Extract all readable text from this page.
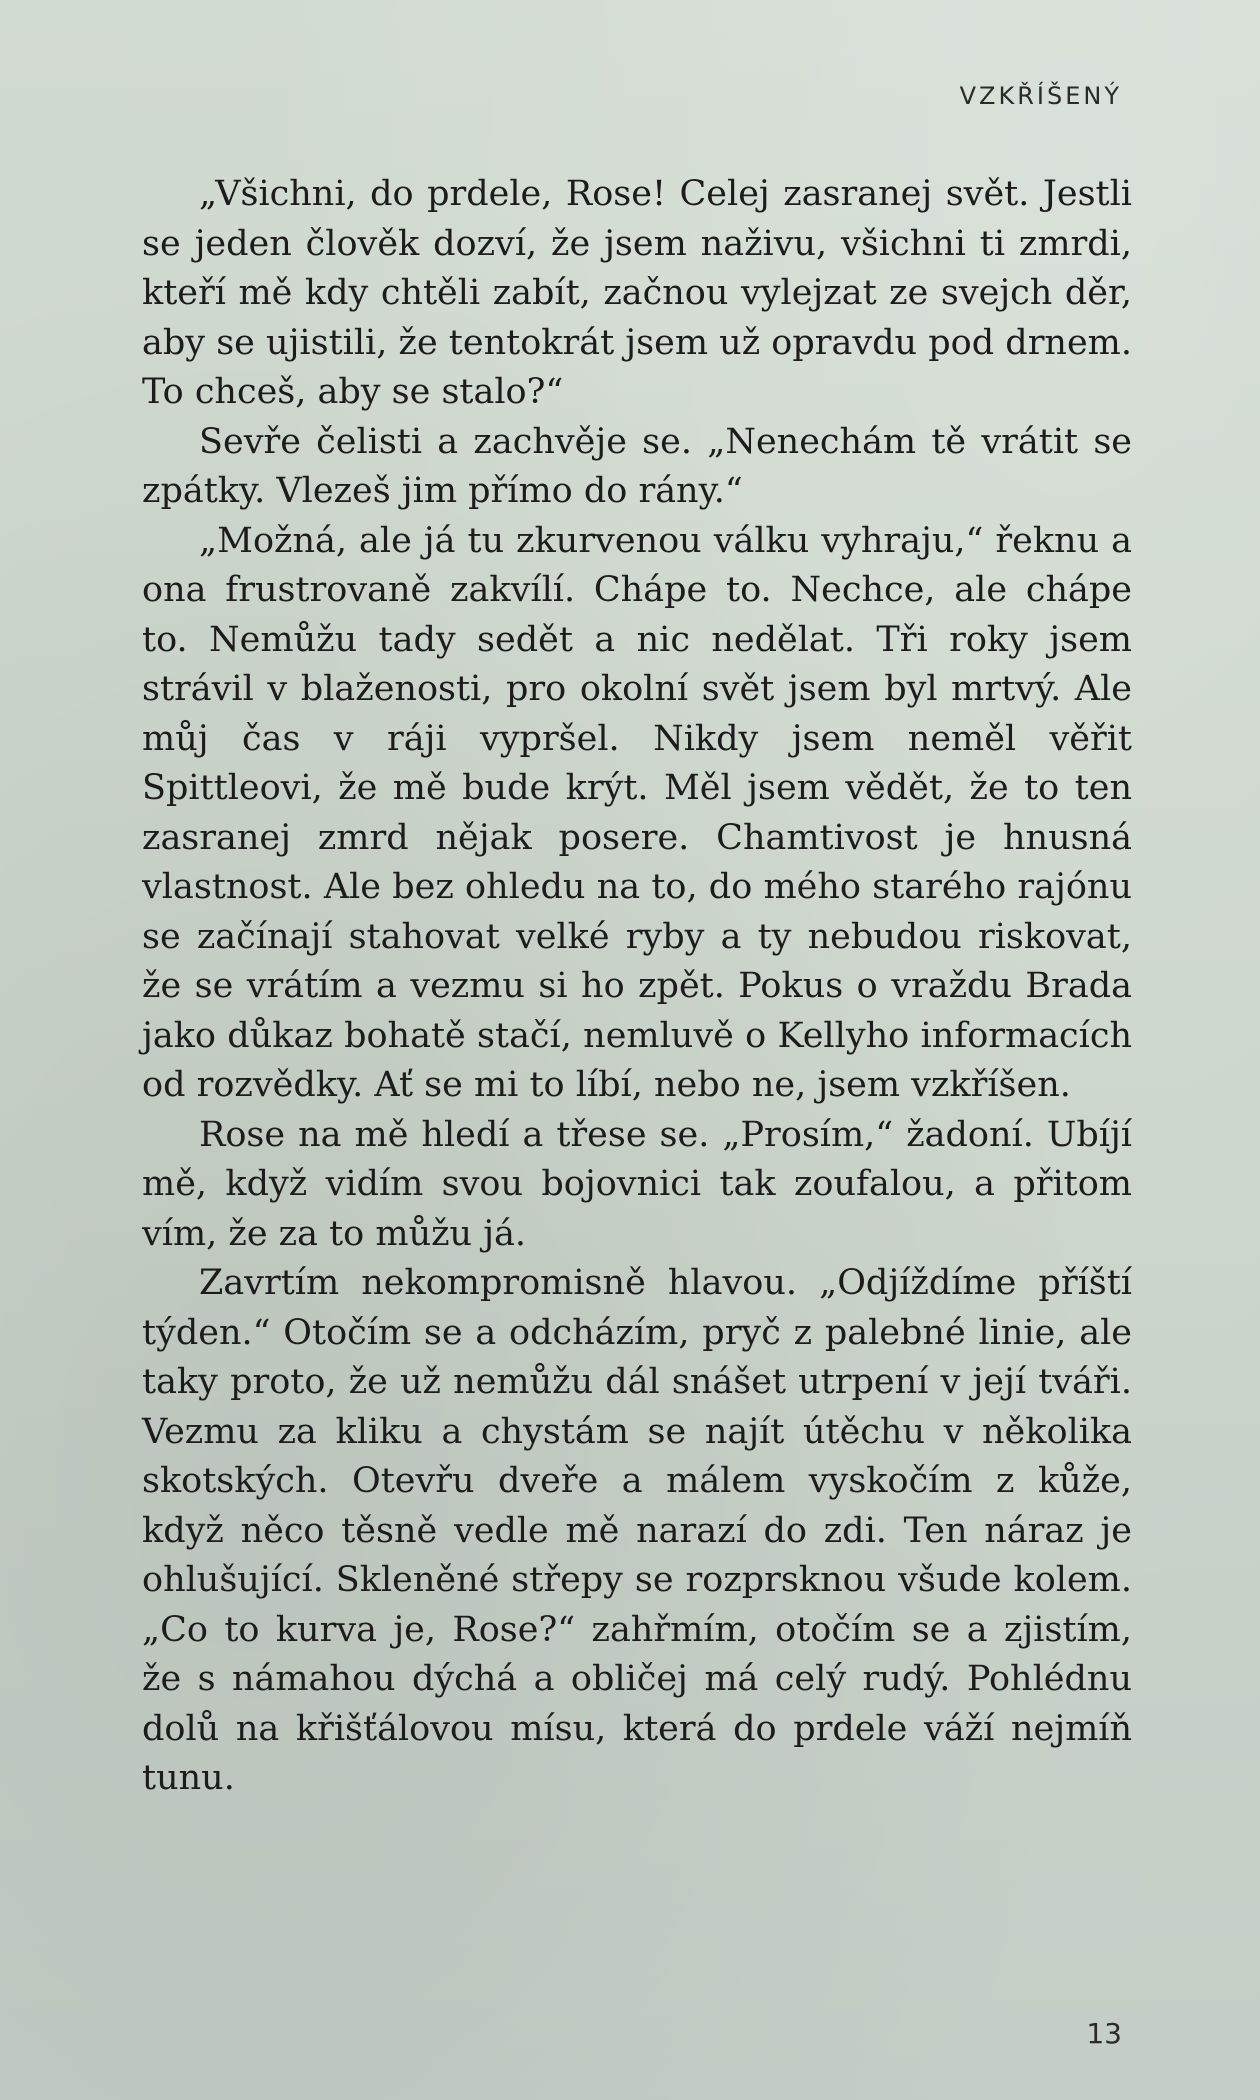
VZKŘÍŠENÝ

„Všichni, do prdele, Rose! Celej zasranej svět. Jestli se jeden člověk dozví, že jsem naživu, všichni ti zmrdi, kteří mě kdy chtěli zabít, začnou vylejzat ze svejch děr, aby se ujistili, že tentokrát jsem už opravdu pod drnem. To chceš, aby se stalo?“

Sevře čelisti a zachvěje se. „Nenechám tě vrátit se zpátky. Vlezeš jim přímo do rány.“

„Možná, ale já tu zkurvenou válku vyhraju,“ řeknu a ona frustrovaně zakvílí. Chápe to. Nechce, ale chápe to. Nemůžu tady sedět a nic nedělat. Tři roky jsem strávil v blaženosti, pro okolní svět jsem byl mrtvý. Ale můj čas v ráji vypršel. Nikdy jsem neměl věřit Spittleovi, že mě bude krýt. Měl jsem vědět, že to ten zasranej zmrd nějak posere. Chamtivost je hnusná vlastnost. Ale bez ohledu na to, do mého starého rajónu se začínají stahovat velké ryby a ty nebudou riskovat, že se vrátím a vezmu si ho zpět. Pokus o vraždu Brada jako důkaz bohatě stačí, nemluvě o Kellyho informacích od rozvědky. Ať se mi to líbí, nebo ne, jsem vzkříšen.

Rose na mě hledí a třese se. „Prosím,“ žadoní. Ubíjí mě, když vidím svou bojovnici tak zoufalou, a přitom vím, že za to můžu já.

Zavrtím nekompromisně hlavou. „Odjíždíme příští týden.“ Otočím se a odcházím, pryč z palebné linie, ale taky proto, že už nemůžu dál snášet utrpení v její tváři. Vezmu za kliku a chystám se najít útěchu v několika skotských. Otevřu dveře a málem vyskočím z kůže, když něco těsně vedle mě narazí do zdi. Ten náraz je ohlušující. Skleněné střepy se rozprsknou všude kolem. „Co to kurva je, Rose?“ zahřmím, otočím se a zjistím, že s námahou dýchá a obličej má celý rudý. Pohlédnu dolů na křišťálovou mísu, která do prdele váží nejmíň tunu.

13
